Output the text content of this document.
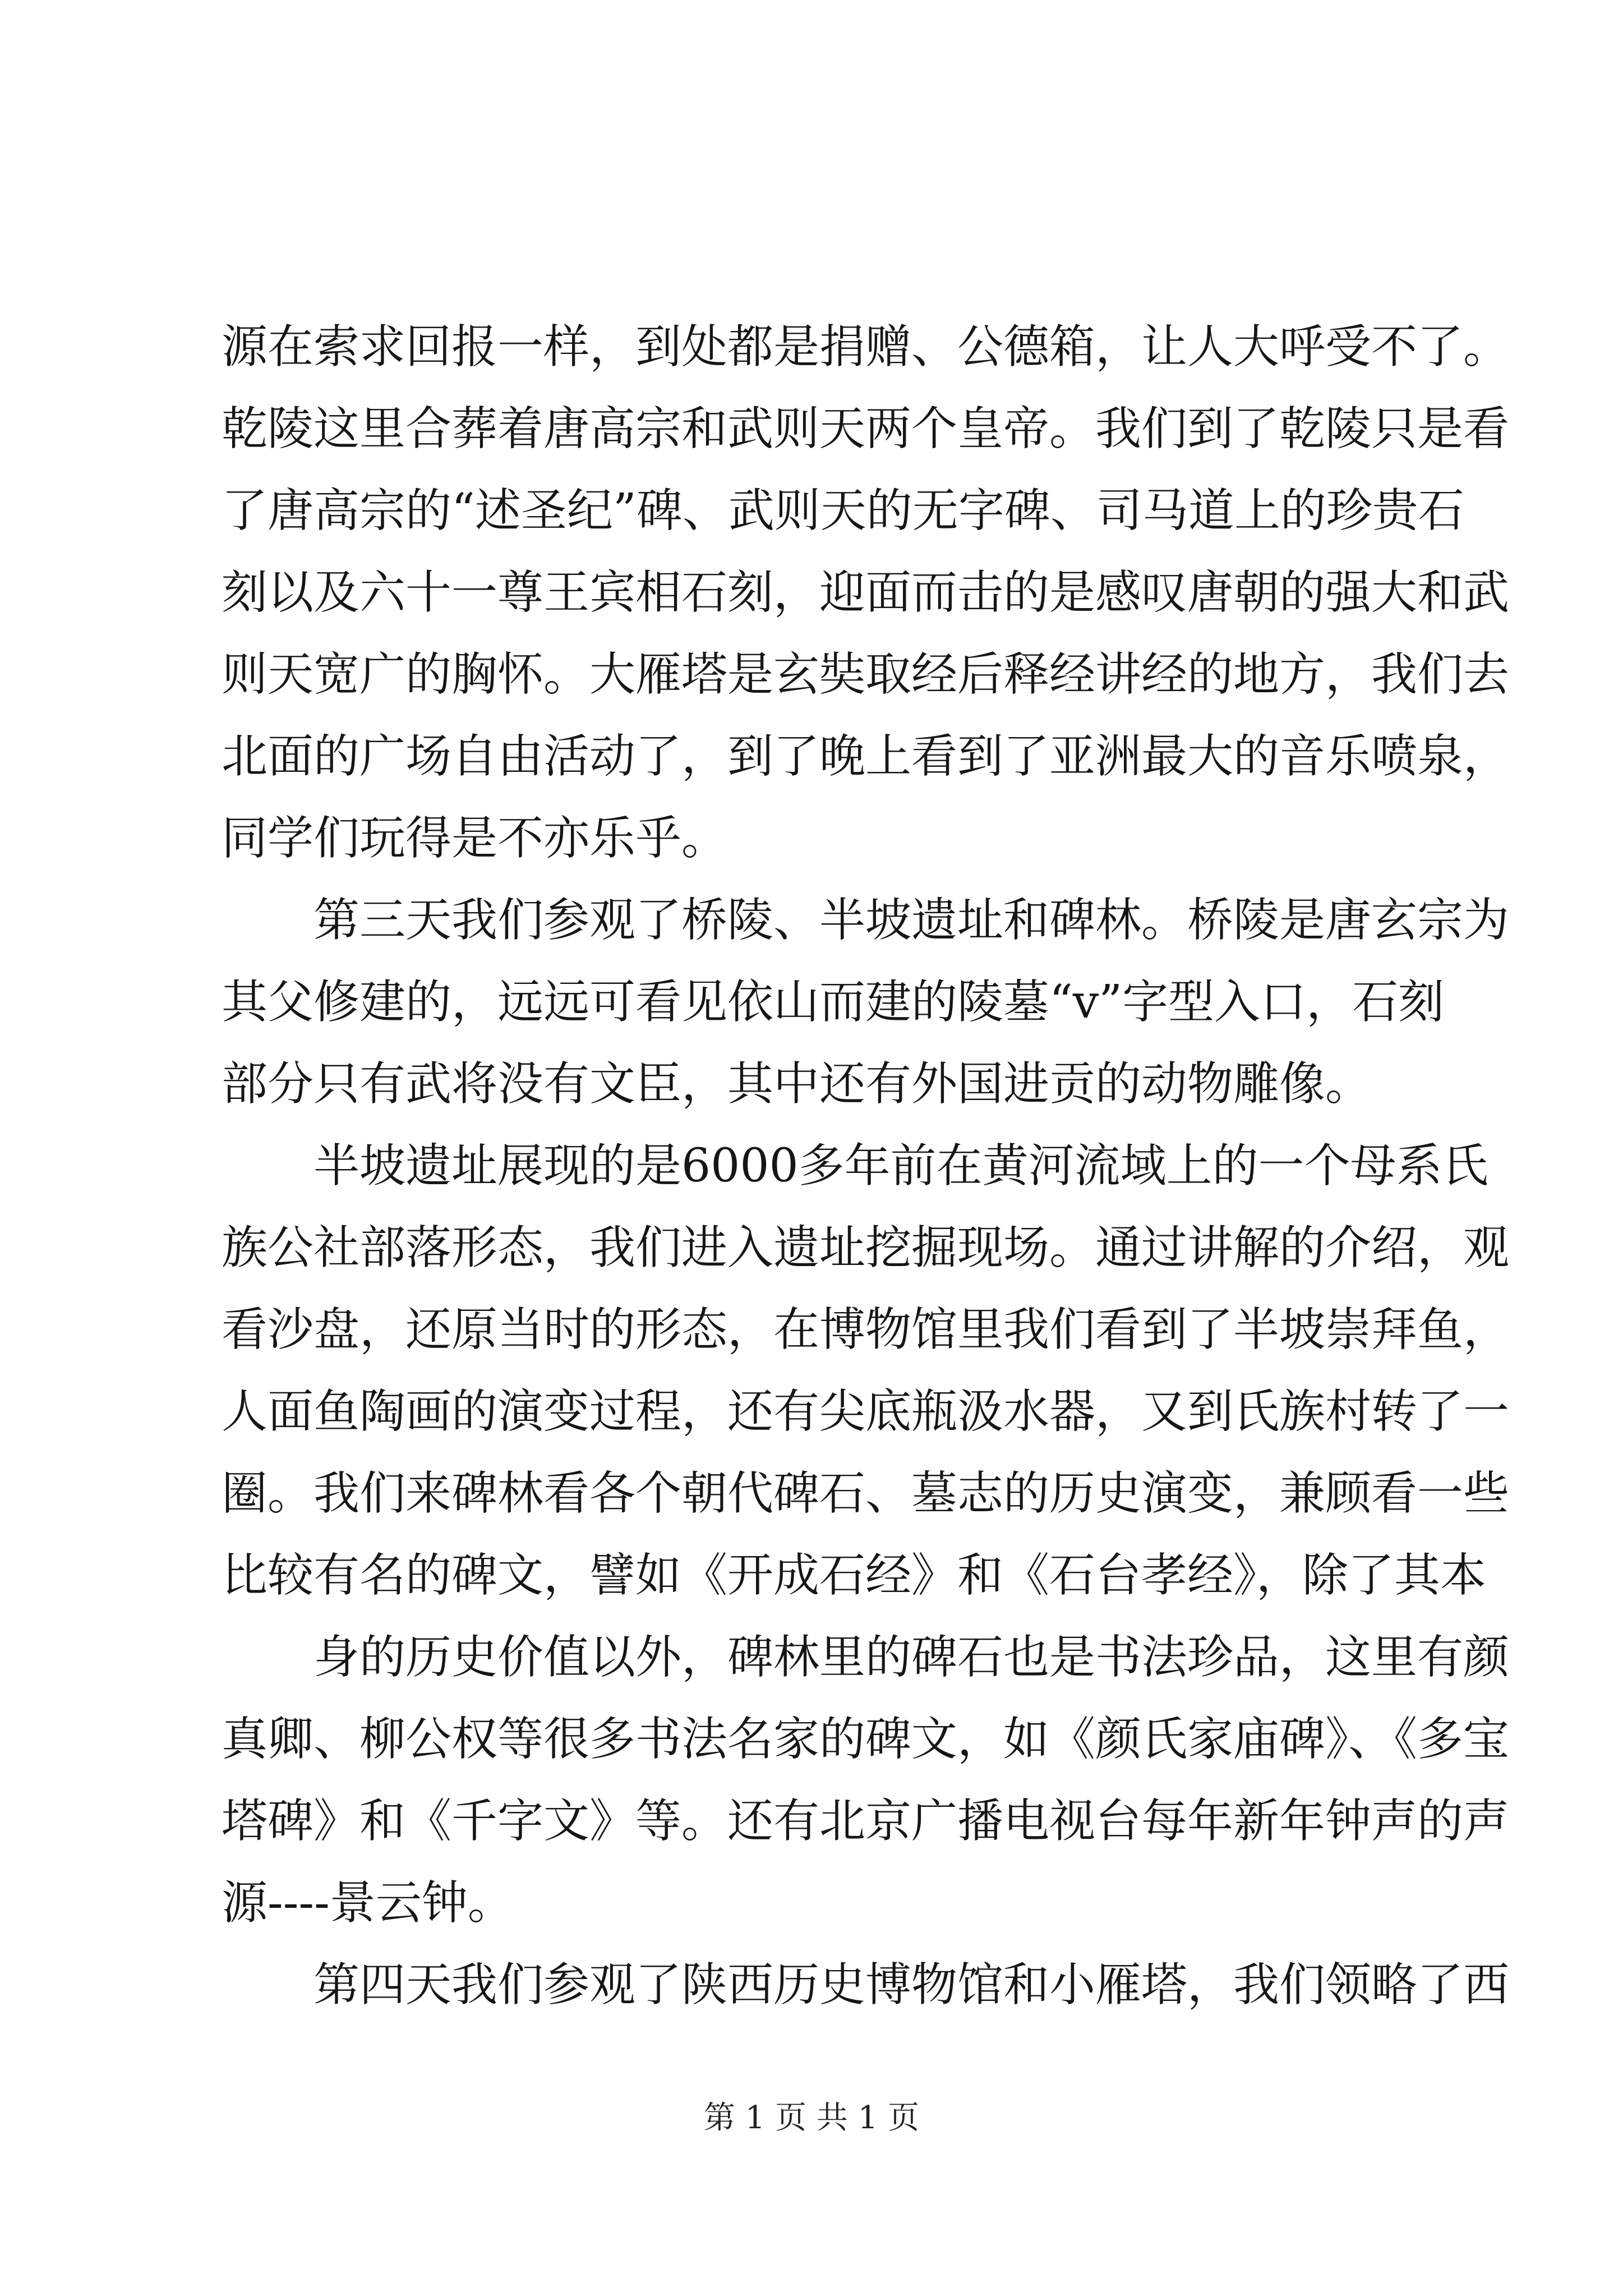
源在索求回报一样，到处都是捐赠、公德箱，让人大呼受不了。
乾陵这里合葬着唐高宗和武则天两个皇帝。我们到了乾陵只是看
了唐高宗的“述圣纪”碑、武则天的无字碑、司马道上的珍贵石
刻以及六十一尊王宾相石刻，迎面而击的是感叹唐朝的强大和武
则天宽广的胸怀。大雁塔是玄奘取经后释经讲经的地方，我们去
北面的广场自由活动了，到了晚上看到了亚洲最大的音乐喷泉，
同学们玩得是不亦乐乎。
第三天我们参观了桥陵、半坡遗址和碑林。桥陵是唐玄宗为
其父修建的，远远可看见依山而建的陵墓“v”字型入口，石刻
部分只有武将没有文臣，其中还有外国进贡的动物雕像。
半坡遗址展现的是6000多年前在黄河流域上的一个母系氏
族公社部落形态，我们进入遗址挖掘现场。通过讲解的介绍，观
看沙盘，还原当时的形态，在博物馆里我们看到了半坡崇拜鱼，
人面鱼陶画的演变过程，还有尖底瓶汲水器，又到氏族村转了一
圈。我们来碑林看各个朝代碑石、墓志的历史演变，兼顾看一些
比较有名的碑文，譬如《开成石经》和《石台孝经》，除了其本
身的历史价值以外，碑林里的碑石也是书法珍品，这里有颜
真卿、柳公权等很多书法名家的碑文，如《颜氏家庙碑》、《多宝
塔碑》和《千字文》等。还有北京广播电视台每年新年钟声的声
源----景云钟。
第四天我们参观了陕西历史博物馆和小雁塔，我们领略了西
第 1 页 共 1 页
